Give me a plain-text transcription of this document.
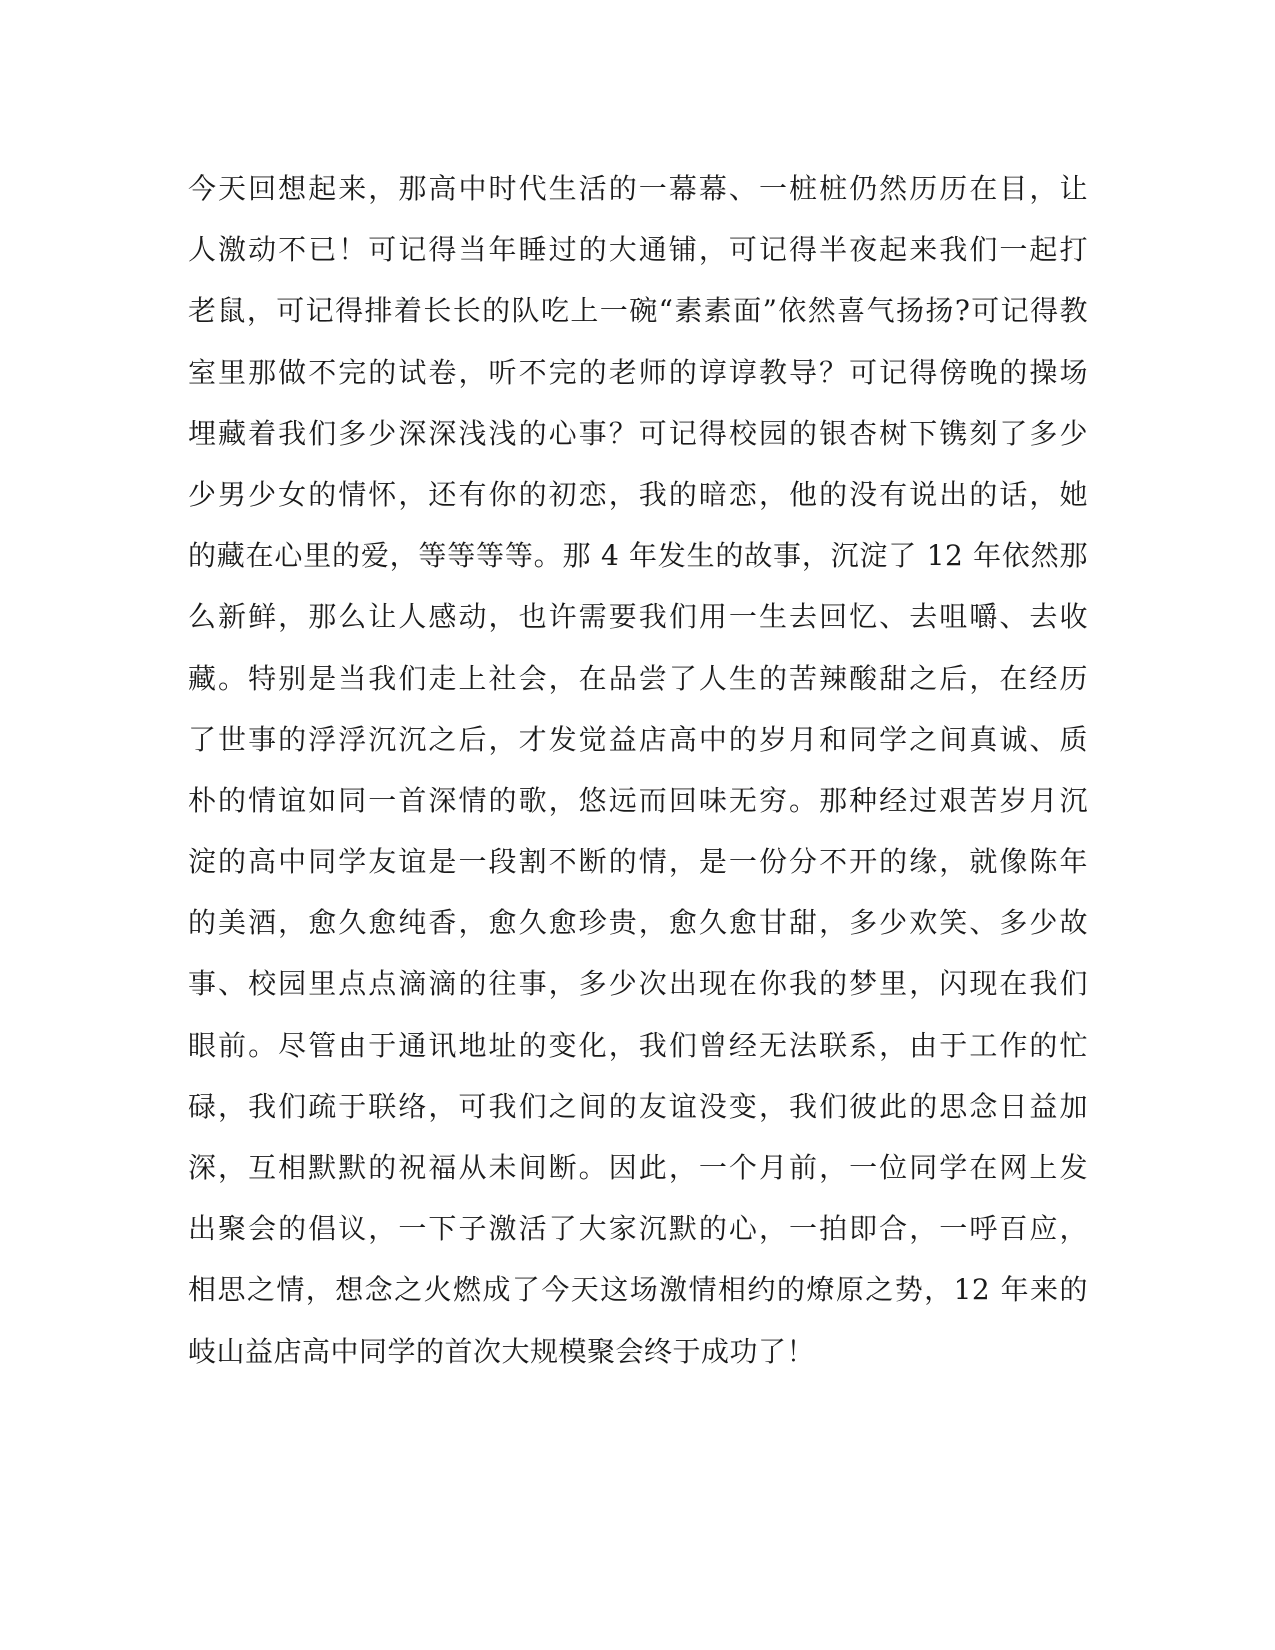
今天回想起来，那高中时代生活的一幕幕、一桩桩仍然历历在目，让
人激动不已！可记得当年睡过的大通铺，可记得半夜起来我们一起打
老鼠，可记得排着长长的队吃上一碗“素素面”依然喜气扬扬?可记得教
室里那做不完的试卷，听不完的老师的谆谆教导？可记得傍晚的操场
埋藏着我们多少深深浅浅的心事？可记得校园的银杏树下镌刻了多少
少男少女的情怀，还有你的初恋，我的暗恋，他的没有说出的话，她
的藏在心里的爱，等等等等。那 4 年发生的故事，沉淀了 12 年依然那
么新鲜，那么让人感动，也许需要我们用一生去回忆、去咀嚼、去收
藏。特别是当我们走上社会，在品尝了人生的苦辣酸甜之后，在经历
了世事的浮浮沉沉之后，才发觉益店高中的岁月和同学之间真诚、质
朴的情谊如同一首深情的歌，悠远而回味无穷。那种经过艰苦岁月沉
淀的高中同学友谊是一段割不断的情，是一份分不开的缘，就像陈年
的美酒，愈久愈纯香，愈久愈珍贵，愈久愈甘甜，多少欢笑、多少故
事、校园里点点滴滴的往事，多少次出现在你我的梦里，闪现在我们
眼前。尽管由于通讯地址的变化，我们曾经无法联系，由于工作的忙
碌，我们疏于联络，可我们之间的友谊没变，我们彼此的思念日益加
深，互相默默的祝福从未间断。因此，一个月前，一位同学在网上发
出聚会的倡议，一下子激活了大家沉默的心，一拍即合，一呼百应，
相思之情，想念之火燃成了今天这场激情相约的燎原之势，12 年来的
岐山益店高中同学的首次大规模聚会终于成功了！
